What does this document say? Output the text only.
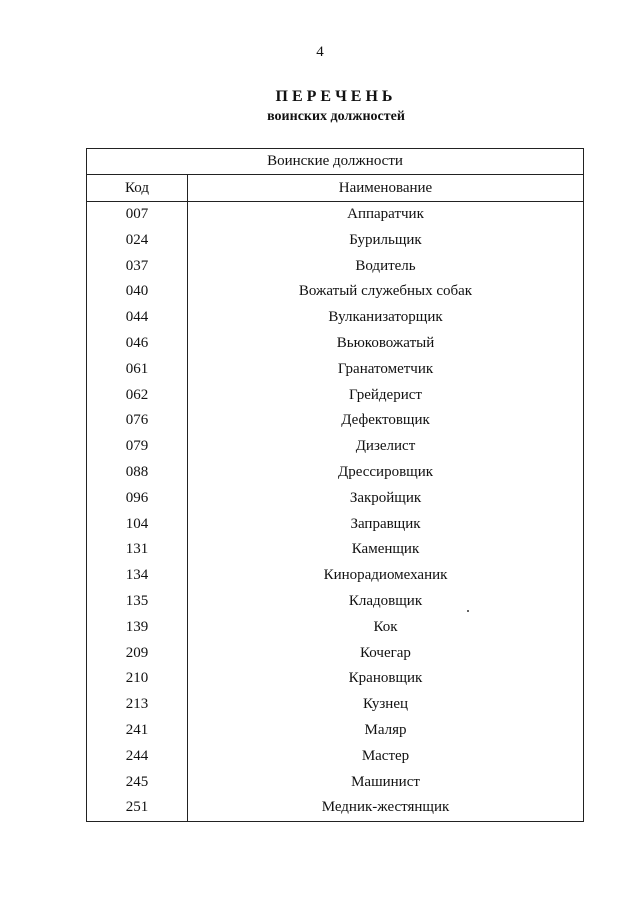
4
ПЕРЕЧЕНЬ
воинских должностей
Воинские должности	
Код	Наименование
007	Аппаратчик
024	Бурильщик
037	Водитель
040	Вожатый служебных собак
044	Вулканизаторщик
046	Вьюковожатый
061	Гранатометчик
062	Грейдерист
076	Дефектовщик
079	Дизелист
088	Дрессировщик
096	Закройщик
104	Заправщик
131	Каменщик
134	Кинорадиомеханик
135	Кладовщик
139	Кок
209	Кочегар
210	Крановщик
213	Кузнец
241	Маляр
244	Мастер
245	Машинист
251	Медник-жестянщик
